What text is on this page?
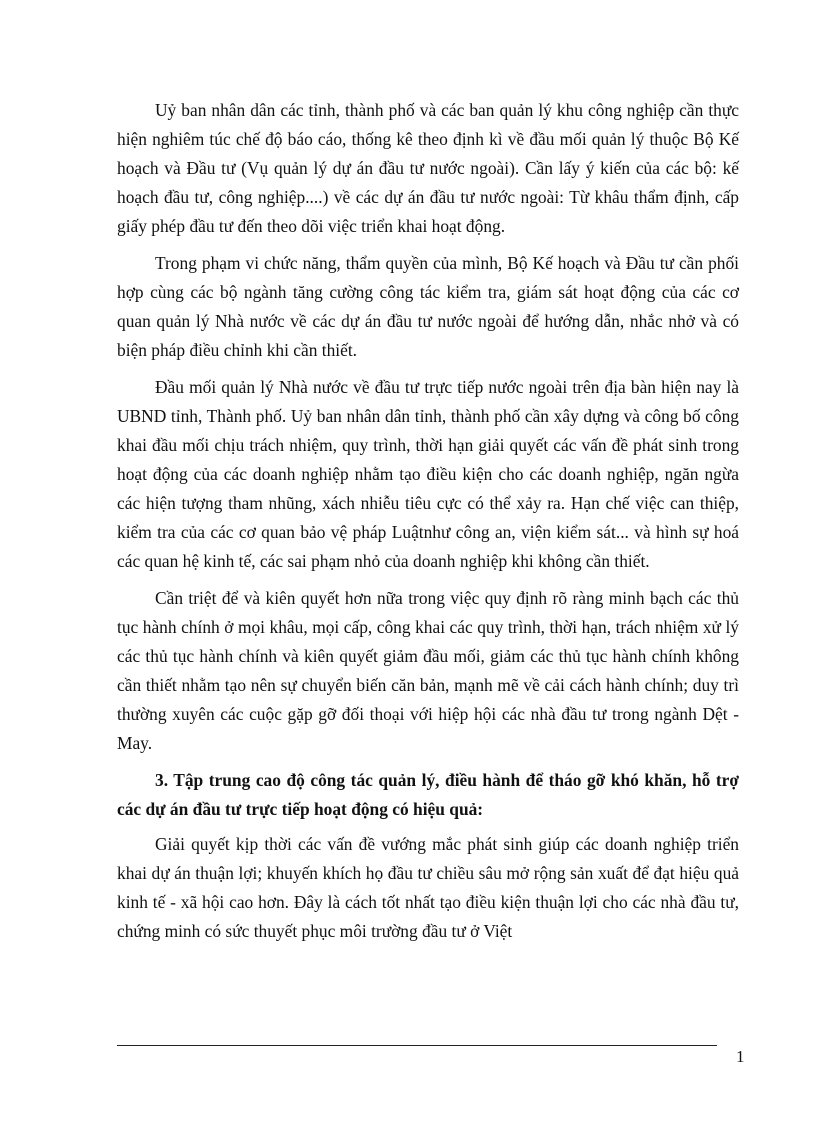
Uỷ ban nhân dân các tỉnh, thành phố và các ban quản lý khu công nghiệp cần thực hiện nghiêm túc chế độ báo cáo, thống kê theo định kì về đầu mối quản lý thuộc Bộ Kế hoạch và Đầu tư (Vụ quản lý dự án đầu tư nước ngoài). Cần lấy ý kiến của các bộ: kế hoạch đầu tư, công nghiệp....) về các dự án đầu tư nước ngoài: Từ khâu thẩm định, cấp giấy phép đầu tư đến theo dõi việc triển khai hoạt động.

Trong phạm vi chức năng, thẩm quyền của mình, Bộ Kế hoạch và Đầu tư cần phối hợp cùng các bộ ngành tăng cường công tác kiểm tra, giám sát hoạt động của các cơ quan quản lý Nhà nước về các dự án đầu tư nước ngoài để hướng dẫn, nhắc nhở và có biện pháp điều chỉnh khi cần thiết.

Đầu mối quản lý Nhà nước về đầu tư trực tiếp nước ngoài trên địa bàn hiện nay là UBND tỉnh, Thành phố. Uỷ ban nhân dân tỉnh, thành phố cần xây dựng và công bố công khai đầu mối chịu trách nhiệm, quy trình, thời hạn giải quyết các vấn đề phát sinh trong hoạt động của các doanh nghiệp nhằm tạo điều kiện cho các doanh nghiệp, ngăn ngừa các hiện tượng tham nhũng, xách nhiễu tiêu cực có thể xảy ra. Hạn chế việc can thiệp, kiểm tra của các cơ quan bảo vệ pháp Luậtnhư công an, viện kiểm sát... và hình sự hoá các quan hệ kinh tế, các sai phạm nhỏ của doanh nghiệp khi không cần thiết.

Cần triệt để và kiên quyết hơn nữa trong việc quy định rõ ràng minh bạch các thủ tục hành chính ở mọi khâu, mọi cấp, công khai các quy trình, thời hạn, trách nhiệm xử lý các thủ tục hành chính và kiên quyết giảm đầu mối, giảm các thủ tục hành chính không cần thiết nhằm tạo nên sự chuyển biến căn bản, mạnh mẽ về cải cách hành chính; duy trì thường xuyên các cuộc gặp gỡ đối thoại với hiệp hội các nhà đầu tư trong ngành Dệt - May.

3. Tập trung cao độ công tác quản lý, điều hành để tháo gỡ khó khăn, hỗ trợ các dự án đầu tư trực tiếp hoạt động có hiệu quả:

Giải quyết kịp thời các vấn đề vướng mắc phát sinh giúp các doanh nghiệp triển khai dự án thuận lợi; khuyến khích họ đầu tư chiều sâu mở rộng sản xuất để đạt hiệu quả kinh tế - xã hội cao hơn. Đây là cách tốt nhất tạo điều kiện thuận lợi cho các nhà đầu tư, chứng minh có sức thuyết phục môi trường đầu tư ở Việt

1
